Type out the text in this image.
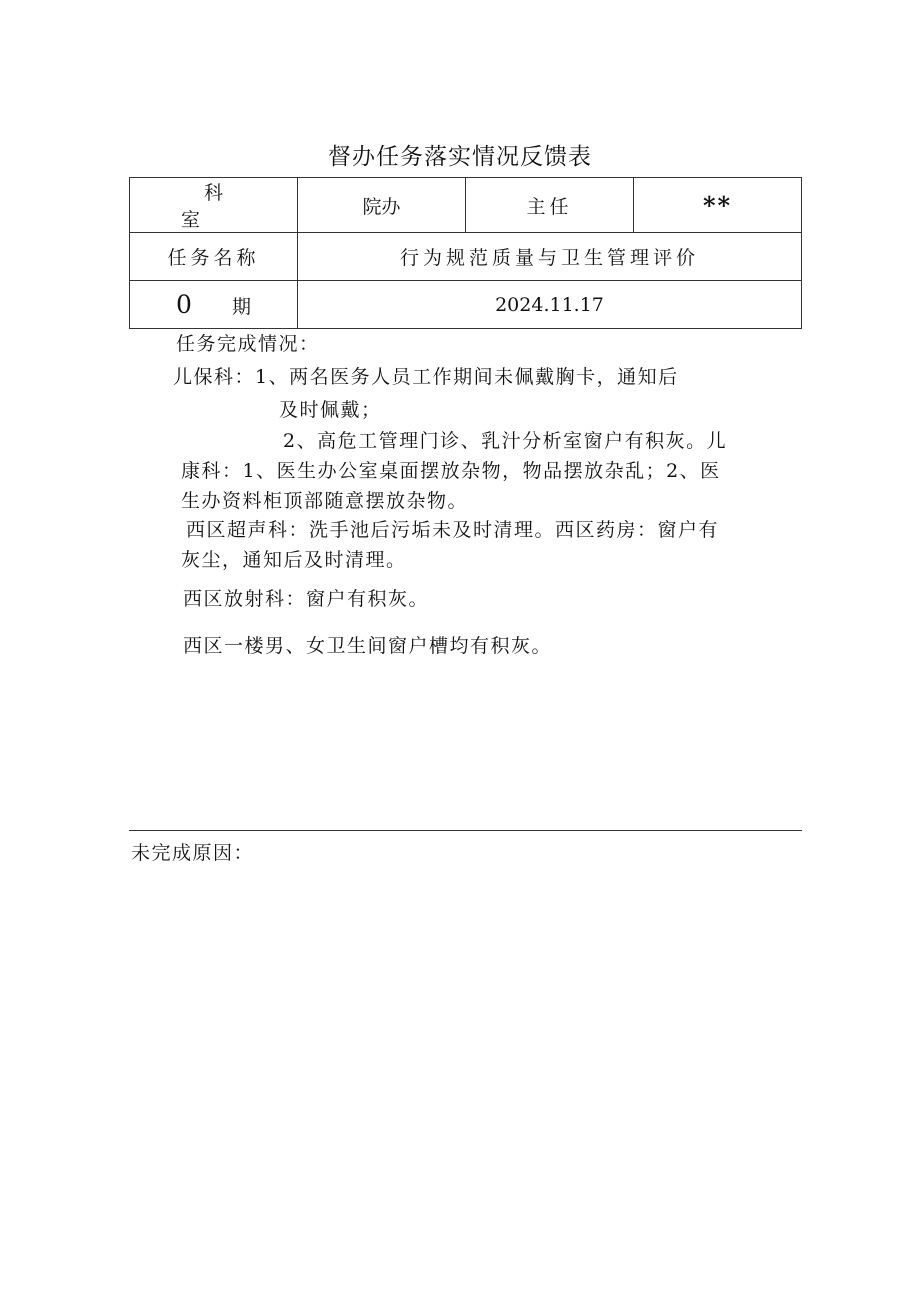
督办任务落实情况反馈表
科室	院办	主任	**
任务名称	行为规范质量与卫生管理评价		
0 期	2024.11.17		
任务完成情况：
儿保科：1、两名医务人员工作期间未佩戴胸卡，通知后
及时佩戴；
2、高危工管理门诊、乳汁分析室窗户有积灰。儿
康科：1、医生办公室桌面摆放杂物，物品摆放杂乱；2、医
生办资料柜顶部随意摆放杂物。
西区超声科：洗手池后污垢未及时清理。西区药房：窗户有
灰尘，通知后及时清理。
西区放射科：窗户有积灰。
西区一楼男、女卫生间窗户槽均有积灰。
未完成原因：
